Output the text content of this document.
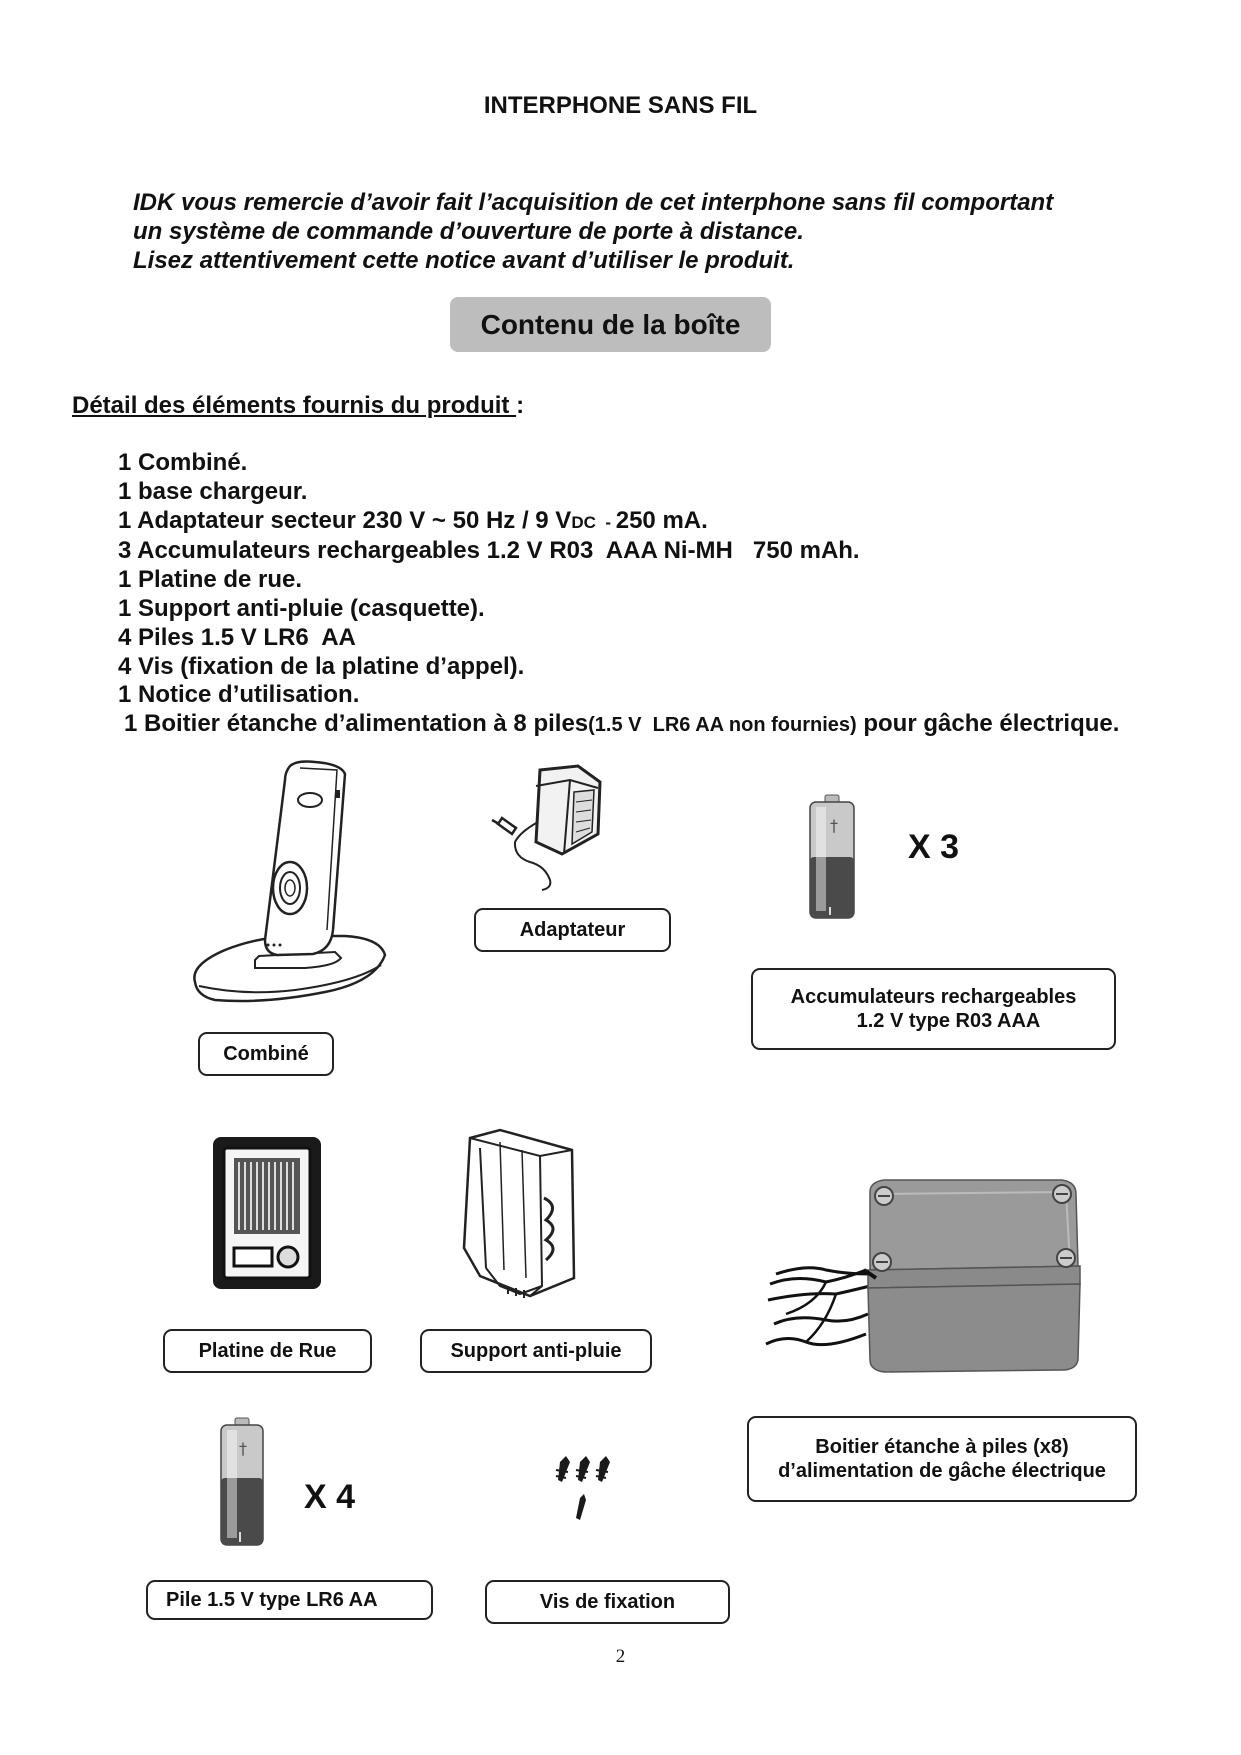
INTERPHONE SANS FIL
IDK vous remercie d’avoir fait l’acquisition de cet interphone sans fil comportant
un système de commande d’ouverture de porte à distance.
Lisez attentivement cette notice avant d’utiliser le produit.
Contenu de la boîte
Détail des éléments fournis du produit :
1 Combiné.
1 base chargeur.
1 Adaptateur secteur 230 V ~ 50 Hz / 9 VDC  - 250 mA.
3 Accumulateurs rechargeables 1.2 V R03  AAA Ni-MH   750 mAh.
1 Platine de rue.
1 Support anti-pluie (casquette).
4 Piles 1.5 V LR6  AA
4 Vis (fixation de la platine d’appel).
1 Notice d’utilisation.
1 Boitier étanche d’alimentation à 8 piles(1.5 V  LR6 AA non fournies) pour gâche électrique.
Combiné
Adaptateur
†
X 3
Accumulateurs rechargeables
1.2 V type R03 AAA
Platine de Rue	Support anti-pluie
Boitier étanche à piles (x8)
d’alimentation de gâche électrique
†
X 4
Pile 1.5 V type LR6 AA	Vis de fixation
2
